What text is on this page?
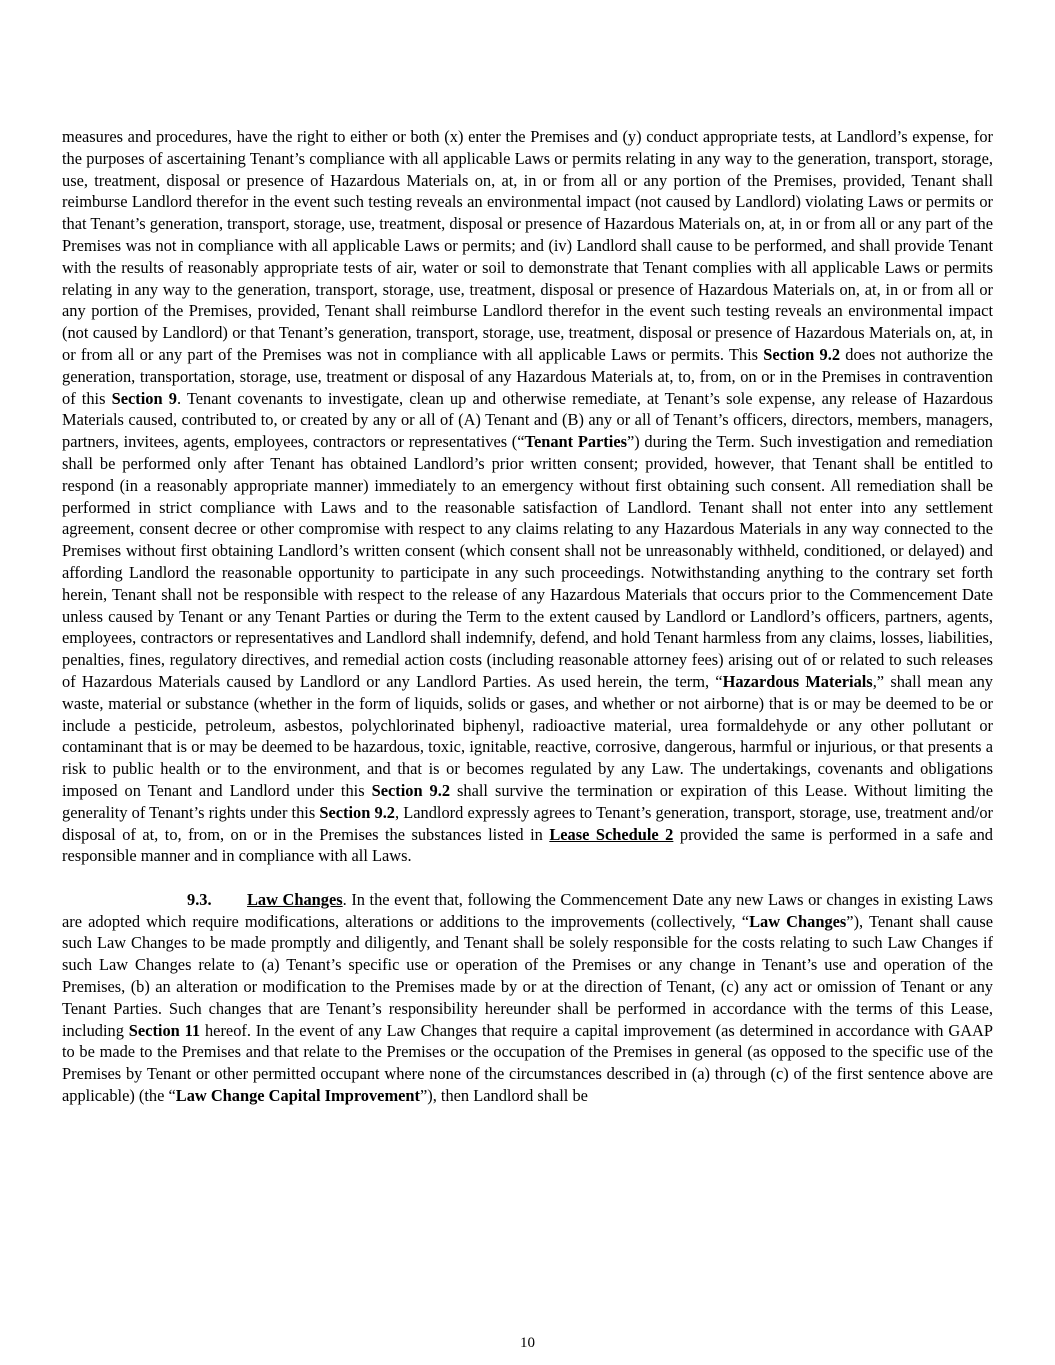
measures and procedures, have the right to either or both (x) enter the Premises and (y) conduct appropriate tests, at Landlord’s expense, for the purposes of ascertaining Tenant’s compliance with all applicable Laws or permits relating in any way to the generation, transport, storage, use, treatment, disposal or presence of Hazardous Materials on, at, in or from all or any portion of the Premises, provided, Tenant shall reimburse Landlord therefor in the event such testing reveals an environmental impact (not caused by Landlord) violating Laws or permits or that Tenant’s generation, transport, storage, use, treatment, disposal or presence of Hazardous Materials on, at, in or from all or any part of the Premises was not in compliance with all applicable Laws or permits; and (iv) Landlord shall cause to be performed, and shall provide Tenant with the results of reasonably appropriate tests of air, water or soil to demonstrate that Tenant complies with all applicable Laws or permits relating in any way to the generation, transport, storage, use, treatment, disposal or presence of Hazardous Materials on, at, in or from all or any portion of the Premises, provided, Tenant shall reimburse Landlord therefor in the event such testing reveals an environmental impact (not caused by Landlord) or that Tenant’s generation, transport, storage, use, treatment, disposal or presence of Hazardous Materials on, at, in or from all or any part of the Premises was not in compliance with all applicable Laws or permits. This Section 9.2 does not authorize the generation, transportation, storage, use, treatment or disposal of any Hazardous Materials at, to, from, on or in the Premises in contravention of this Section 9. Tenant covenants to investigate, clean up and otherwise remediate, at Tenant’s sole expense, any release of Hazardous Materials caused, contributed to, or created by any or all of (A) Tenant and (B) any or all of Tenant’s officers, directors, members, managers, partners, invitees, agents, employees, contractors or representatives (“Tenant Parties”) during the Term. Such investigation and remediation shall be performed only after Tenant has obtained Landlord’s prior written consent; provided, however, that Tenant shall be entitled to respond (in a reasonably appropriate manner) immediately to an emergency without first obtaining such consent. All remediation shall be performed in strict compliance with Laws and to the reasonable satisfaction of Landlord. Tenant shall not enter into any settlement agreement, consent decree or other compromise with respect to any claims relating to any Hazardous Materials in any way connected to the Premises without first obtaining Landlord’s written consent (which consent shall not be unreasonably withheld, conditioned, or delayed) and affording Landlord the reasonable opportunity to participate in any such proceedings. Notwithstanding anything to the contrary set forth herein, Tenant shall not be responsible with respect to the release of any Hazardous Materials that occurs prior to the Commencement Date unless caused by Tenant or any Tenant Parties or during the Term to the extent caused by Landlord or Landlord’s officers, partners, agents, employees, contractors or representatives and Landlord shall indemnify, defend, and hold Tenant harmless from any claims, losses, liabilities, penalties, fines, regulatory directives, and remedial action costs (including reasonable attorney fees) arising out of or related to such releases of Hazardous Materials caused by Landlord or any Landlord Parties. As used herein, the term, “Hazardous Materials,” shall mean any waste, material or substance (whether in the form of liquids, solids or gases, and whether or not airborne) that is or may be deemed to be or include a pesticide, petroleum, asbestos, polychlorinated biphenyl, radioactive material, urea formaldehyde or any other pollutant or contaminant that is or may be deemed to be hazardous, toxic, ignitable, reactive, corrosive, dangerous, harmful or injurious, or that presents a risk to public health or to the environment, and that is or becomes regulated by any Law. The undertakings, covenants and obligations imposed on Tenant and Landlord under this Section 9.2 shall survive the termination or expiration of this Lease. Without limiting the generality of Tenant’s rights under this Section 9.2, Landlord expressly agrees to Tenant’s generation, transport, storage, use, treatment and/or disposal of at, to, from, on or in the Premises the substances listed in Lease Schedule 2 provided the same is performed in a safe and responsible manner and in compliance with all Laws.

9.3. Law Changes. In the event that, following the Commencement Date any new Laws or changes in existing Laws are adopted which require modifications, alterations or additions to the improvements (collectively, “Law Changes”), Tenant shall cause such Law Changes to be made promptly and diligently, and Tenant shall be solely responsible for the costs relating to such Law Changes if such Law Changes relate to (a) Tenant’s specific use or operation of the Premises or any change in Tenant’s use and operation of the Premises, (b) an alteration or modification to the Premises made by or at the direction of Tenant, (c) any act or omission of Tenant or any Tenant Parties. Such changes that are Tenant’s responsibility hereunder shall be performed in accordance with the terms of this Lease, including Section 11 hereof. In the event of any Law Changes that require a capital improvement (as determined in accordance with GAAP to be made to the Premises and that relate to the Premises or the occupation of the Premises in general (as opposed to the specific use of the Premises by Tenant or other permitted occupant where none of the circumstances described in (a) through (c) of the first sentence above are applicable) (the “Law Change Capital Improvement”), then Landlord shall be

10
